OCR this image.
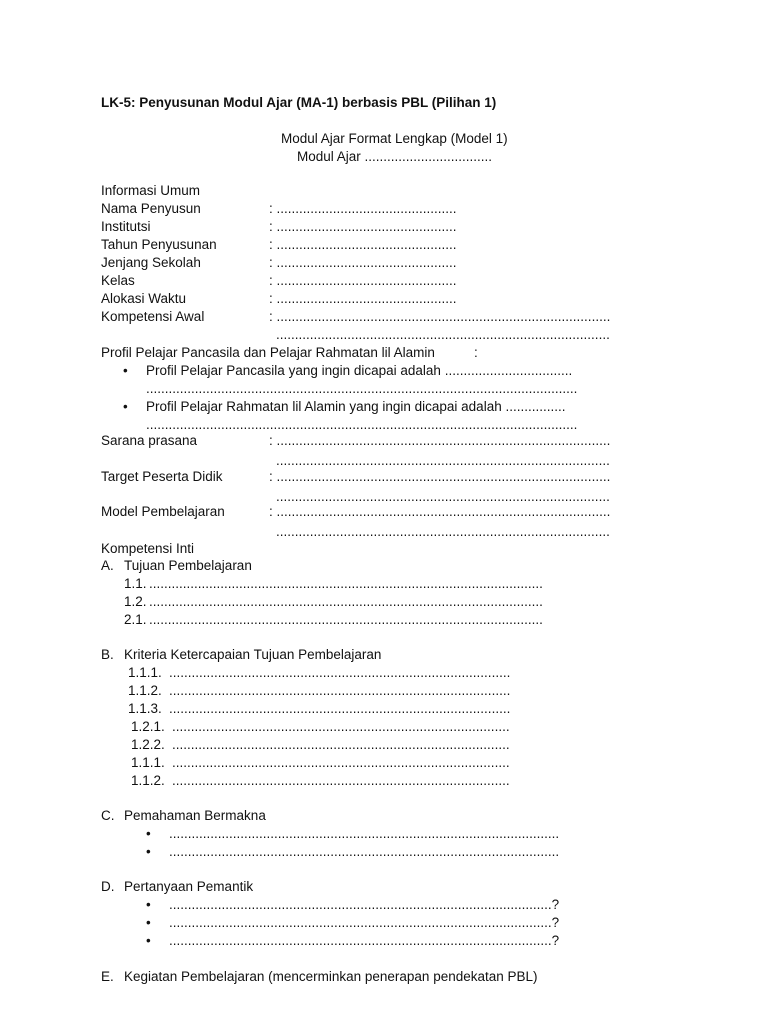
LK-5: Penyusunan Modul Ajar (MA-1) berbasis PBL (Pilihan 1)
Modul Ajar Format Lengkap (Model 1)
Modul Ajar ..................................
Informasi Umum
Nama Penyusun	: ................................................
Institutsi	: ................................................
Tahun Penyusunan	: ................................................
Jenjang Sekolah	: ................................................
Kelas	: ................................................
Alokasi Waktu	: ................................................
Kompetensi Awal	: .........................................................................................
.........................................................................................
Profil Pelajar Pancasila dan Pelajar Rahmatan lil Alamin	:
• Profil Pelajar Pancasila yang ingin dicapai adalah ..................................
...................................................................................................................
• Profil Pelajar Rahmatan lil Alamin yang ingin dicapai adalah ................
...................................................................................................................
Sarana prasana	: .........................................................................................
.........................................................................................
Target Peserta Didik	: .........................................................................................
.........................................................................................
Model Pembelajaran	: .........................................................................................
.........................................................................................
Kompetensi Inti
A. Tujuan Pembelajaran
1.1. .........................................................................................................
1.2. .........................................................................................................
2.1. .........................................................................................................
B. Kriteria Ketercapaian Tujuan Pembelajaran
1.1.1. ...........................................................................................
1.1.2. ...........................................................................................
1.1.3. ...........................................................................................
1.2.1. ..........................................................................................
1.2.2. ..........................................................................................
1.1.1. ..........................................................................................
1.1.2. ..........................................................................................
C. Pemahaman Bermakna
• ........................................................................................................
• ........................................................................................................
D. Pertanyaan Pemantik
• ......................................................................................................?
• ......................................................................................................?
• ......................................................................................................?
E. Kegiatan Pembelajaran (mencerminkan penerapan pendekatan PBL)
